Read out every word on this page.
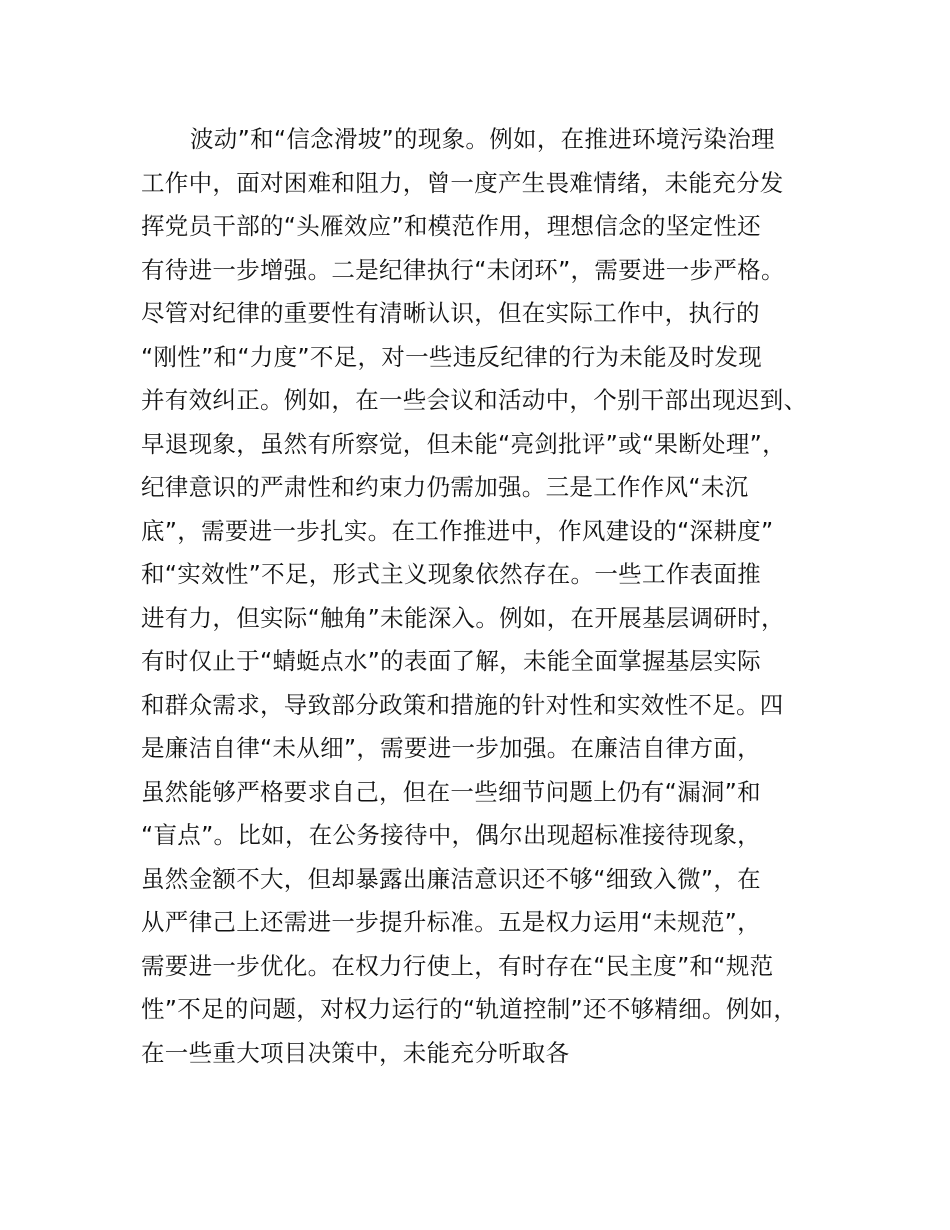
波动”和“信念滑坡”的现象。例如，在推进环境污染治理
工作中，面对困难和阻力，曾一度产生畏难情绪，未能充分发
挥党员干部的“头雁效应”和模范作用，理想信念的坚定性还
有待进一步增强。二是纪律执行“未闭环”，需要进一步严格。
尽管对纪律的重要性有清晰认识，但在实际工作中，执行的
“刚性”和“力度”不足，对一些违反纪律的行为未能及时发现
并有效纠正。例如，在一些会议和活动中，个别干部出现迟到、
早退现象，虽然有所察觉，但未能“亮剑批评”或“果断处理”，
纪律意识的严肃性和约束力仍需加强。三是工作作风“未沉
底”，需要进一步扎实。在工作推进中，作风建设的“深耕度”
和“实效性”不足，形式主义现象依然存在。一些工作表面推
进有力，但实际“触角”未能深入。例如，在开展基层调研时，
有时仅止于“蜻蜓点水”的表面了解，未能全面掌握基层实际
和群众需求，导致部分政策和措施的针对性和实效性不足。四
是廉洁自律“未从细”，需要进一步加强。在廉洁自律方面，
虽然能够严格要求自己，但在一些细节问题上仍有“漏洞”和
“盲点”。比如，在公务接待中，偶尔出现超标准接待现象，
虽然金额不大，但却暴露出廉洁意识还不够“细致入微”，在
从严律己上还需进一步提升标准。五是权力运用“未规范”，
需要进一步优化。在权力行使上，有时存在“民主度”和“规范
性”不足的问题，对权力运行的“轨道控制”还不够精细。例如，
在一些重大项目决策中，未能充分听取各
